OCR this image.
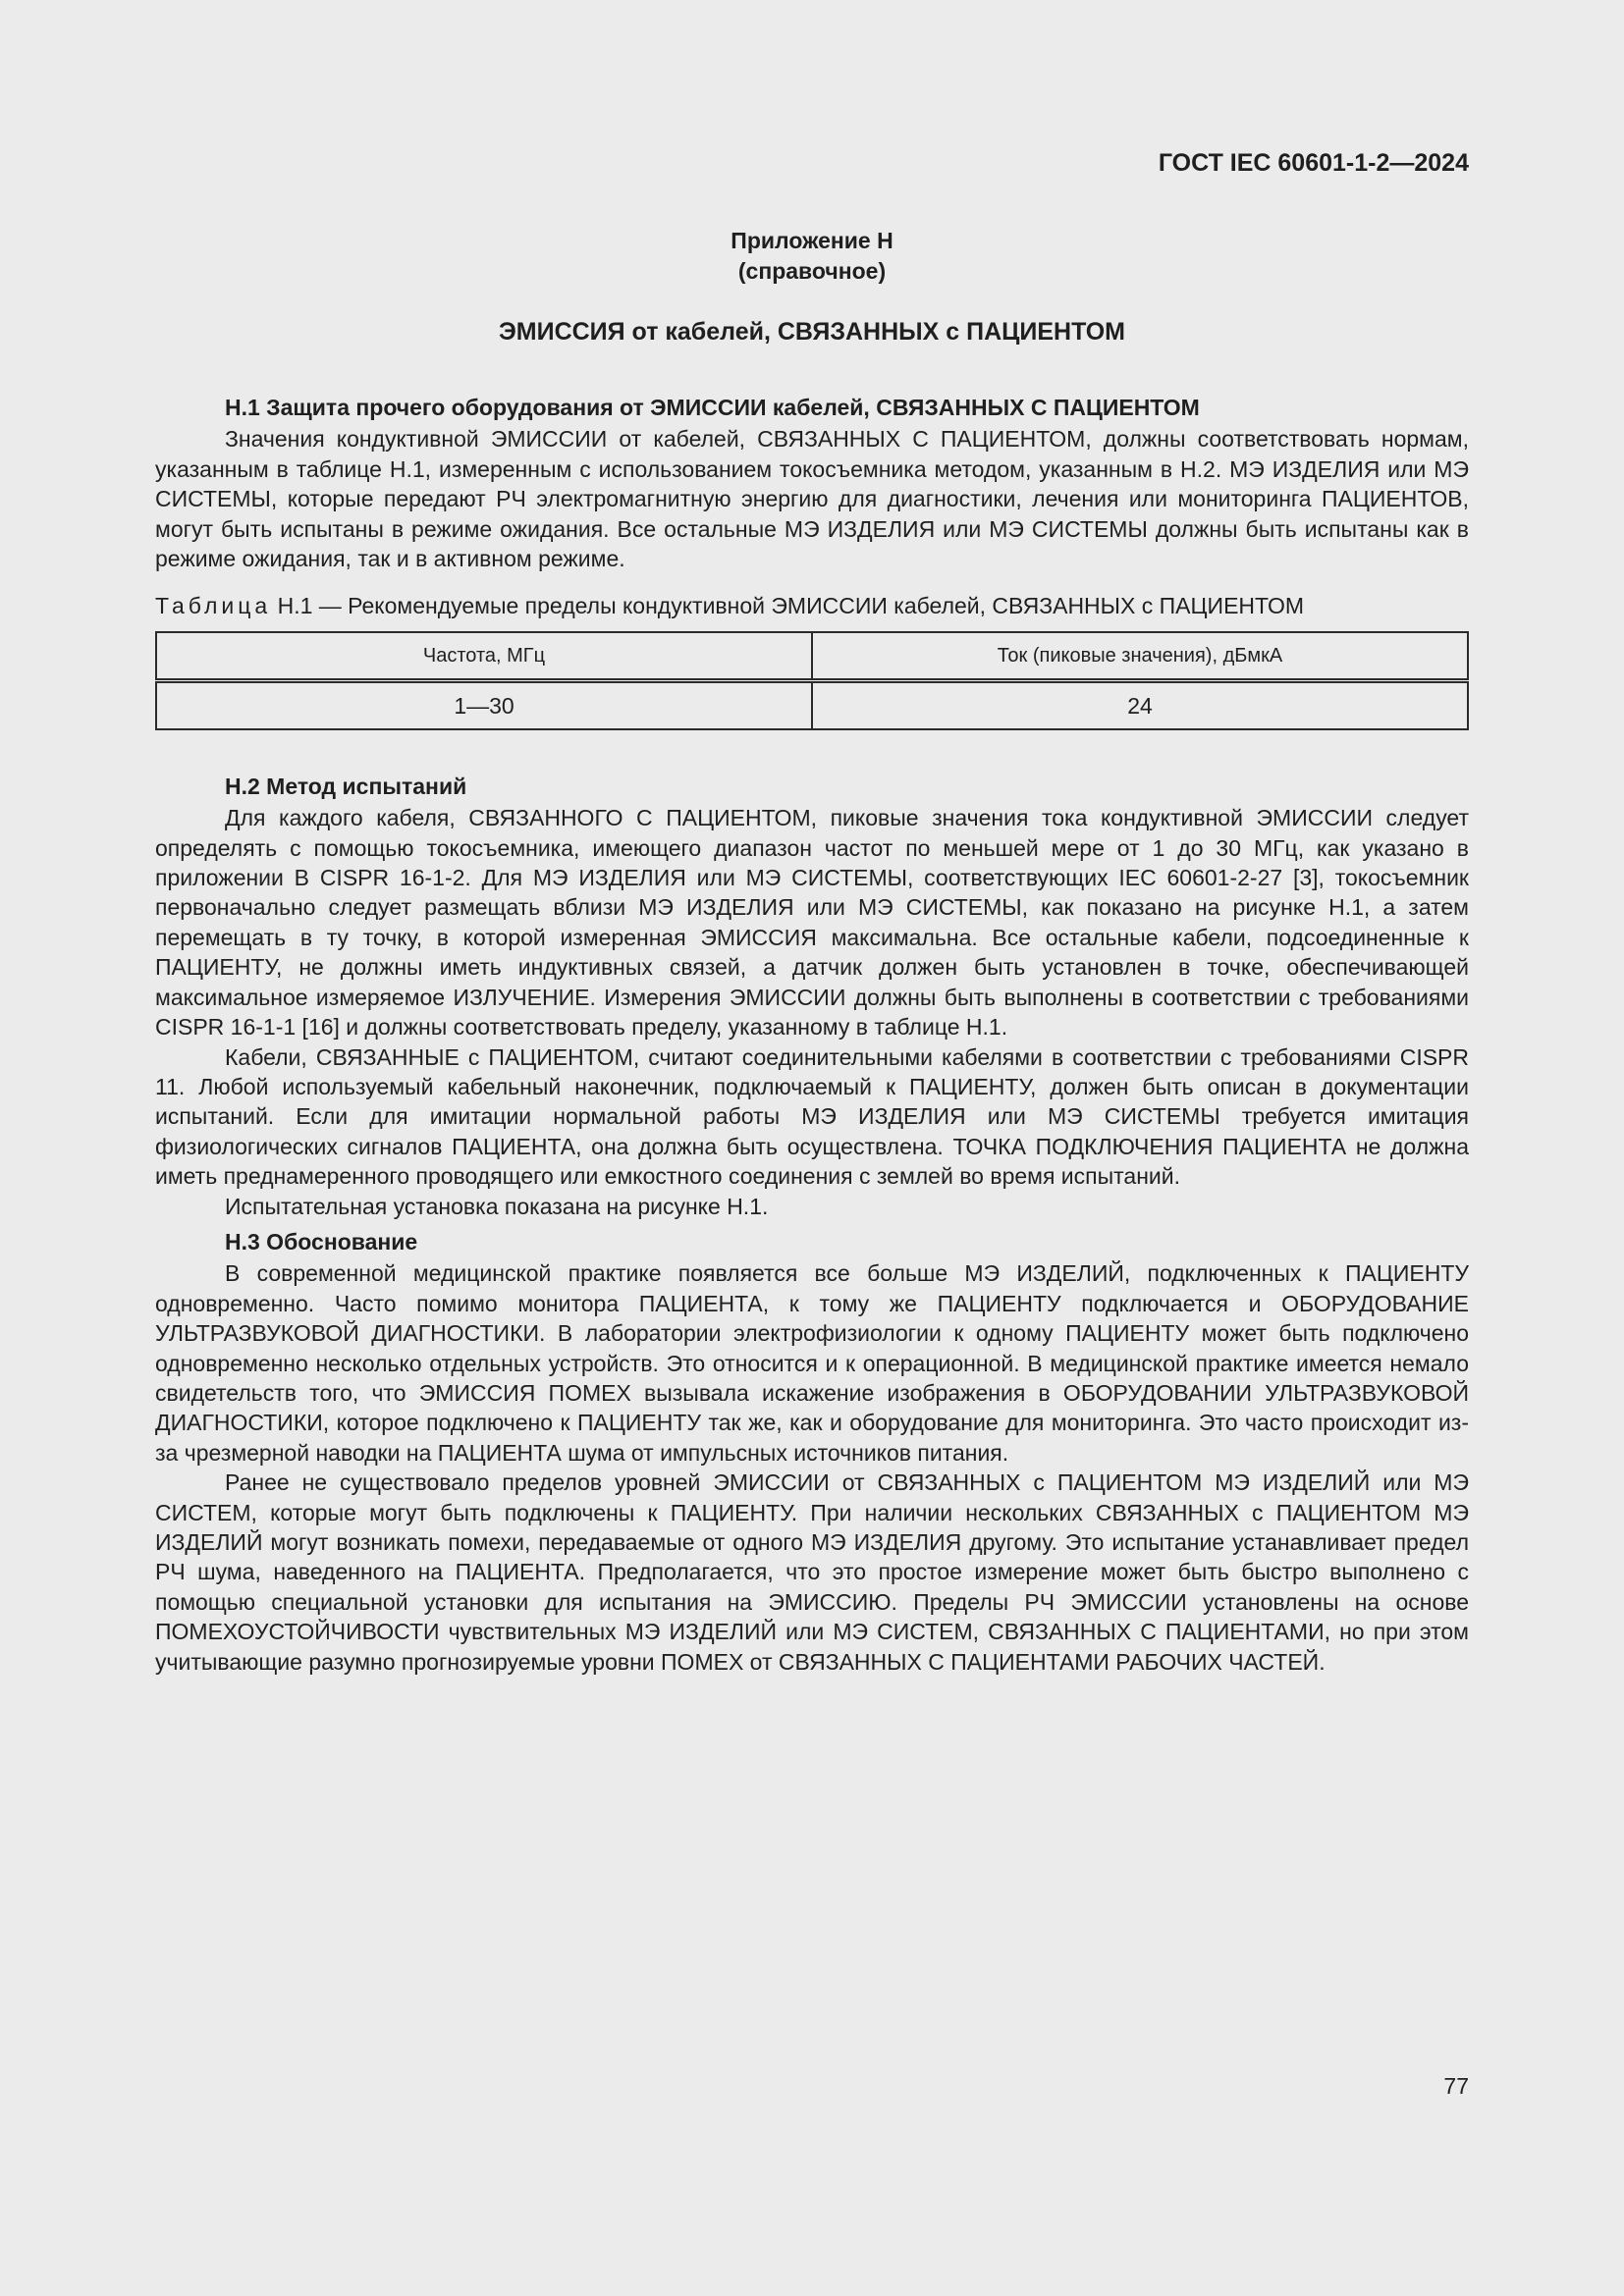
ГОСТ IEC 60601-1-2—2024

Приложение H
(справочное)

ЭМИССИЯ от кабелей, СВЯЗАННЫХ с ПАЦИЕНТОМ

H.1 Защита прочего оборудования от ЭМИССИИ кабелей, СВЯЗАННЫХ С ПАЦИЕНТОМ

Значения кондуктивной ЭМИССИИ от кабелей, СВЯЗАННЫХ С ПАЦИЕНТОМ, должны соответствовать нормам, указанным в таблице H.1, измеренным с использованием токосъемника методом, указанным в H.2. МЭ ИЗДЕЛИЯ или МЭ СИСТЕМЫ, которые передают РЧ электромагнитную энергию для диагностики, лечения или мониторинга ПАЦИЕНТОВ, могут быть испытаны в режиме ожидания. Все остальные МЭ ИЗДЕЛИЯ или МЭ СИСТЕМЫ должны быть испытаны как в режиме ожидания, так и в активном режиме.

Таблица H.1 — Рекомендуемые пределы кондуктивной ЭМИССИИ кабелей, СВЯЗАННЫХ с ПАЦИЕНТОМ

Частота, МГц	Ток (пиковые значения), дБмкА
1—30	24

H.2 Метод испытаний

Для каждого кабеля, СВЯЗАННОГО С ПАЦИЕНТОМ, пиковые значения тока кондуктивной ЭМИССИИ следует определять с помощью токосъемника, имеющего диапазон частот по меньшей мере от 1 до 30 МГц, как указано в приложении B CISPR 16-1-2. Для МЭ ИЗДЕЛИЯ или МЭ СИСТЕМЫ, соответствующих IEC 60601-2-27 [3], токосъемник первоначально следует размещать вблизи МЭ ИЗДЕЛИЯ или МЭ СИСТЕМЫ, как показано на рисунке H.1, а затем перемещать в ту точку, в которой измеренная ЭМИССИЯ максимальна. Все остальные кабели, подсоединенные к ПАЦИЕНТУ, не должны иметь индуктивных связей, а датчик должен быть установлен в точке, обеспечивающей максимальное измеряемое ИЗЛУЧЕНИЕ. Измерения ЭМИССИИ должны быть выполнены в соответствии с требованиями CISPR 16-1-1 [16] и должны соответствовать пределу, указанному в таблице H.1.

Кабели, СВЯЗАННЫЕ с ПАЦИЕНТОМ, считают соединительными кабелями в соответствии с требованиями CISPR 11. Любой используемый кабельный наконечник, подключаемый к ПАЦИЕНТУ, должен быть описан в документации испытаний. Если для имитации нормальной работы МЭ ИЗДЕЛИЯ или МЭ СИСТЕМЫ требуется имитация физиологических сигналов ПАЦИЕНТА, она должна быть осуществлена. ТОЧКА ПОДКЛЮЧЕНИЯ ПАЦИЕНТА не должна иметь преднамеренного проводящего или емкостного соединения с землей во время испытаний.

Испытательная установка показана на рисунке H.1.

H.3 Обоснование

В современной медицинской практике появляется все больше МЭ ИЗДЕЛИЙ, подключенных к ПАЦИЕНТУ одновременно. Часто помимо монитора ПАЦИЕНТА, к тому же ПАЦИЕНТУ подключается и ОБОРУДОВАНИЕ УЛЬТРАЗВУКОВОЙ ДИАГНОСТИКИ. В лаборатории электрофизиологии к одному ПАЦИЕНТУ может быть подключено одновременно несколько отдельных устройств. Это относится и к операционной. В медицинской практике имеется немало свидетельств того, что ЭМИССИЯ ПОМЕХ вызывала искажение изображения в ОБОРУДОВАНИИ УЛЬТРАЗВУКОВОЙ ДИАГНОСТИКИ, которое подключено к ПАЦИЕНТУ так же, как и оборудование для мониторинга. Это часто происходит из-за чрезмерной наводки на ПАЦИЕНТА шума от импульсных источников питания.

Ранее не существовало пределов уровней ЭМИССИИ от СВЯЗАННЫХ с ПАЦИЕНТОМ МЭ ИЗДЕЛИЙ или МЭ СИСТЕМ, которые могут быть подключены к ПАЦИЕНТУ. При наличии нескольких СВЯЗАННЫХ с ПАЦИЕНТОМ МЭ ИЗДЕЛИЙ могут возникать помехи, передаваемые от одного МЭ ИЗДЕЛИЯ другому. Это испытание устанавливает предел РЧ шума, наведенного на ПАЦИЕНТА. Предполагается, что это простое измерение может быть быстро выполнено с помощью специальной установки для испытания на ЭМИССИЮ. Пределы РЧ ЭМИССИИ установлены на основе ПОМЕХОУСТОЙЧИВОСТИ чувствительных МЭ ИЗДЕЛИЙ или МЭ СИСТЕМ, СВЯЗАННЫХ С ПАЦИЕНТАМИ, но при этом учитывающие разумно прогнозируемые уровни ПОМЕХ от СВЯЗАННЫХ С ПАЦИЕНТАМИ РАБОЧИХ ЧАСТЕЙ.

77
